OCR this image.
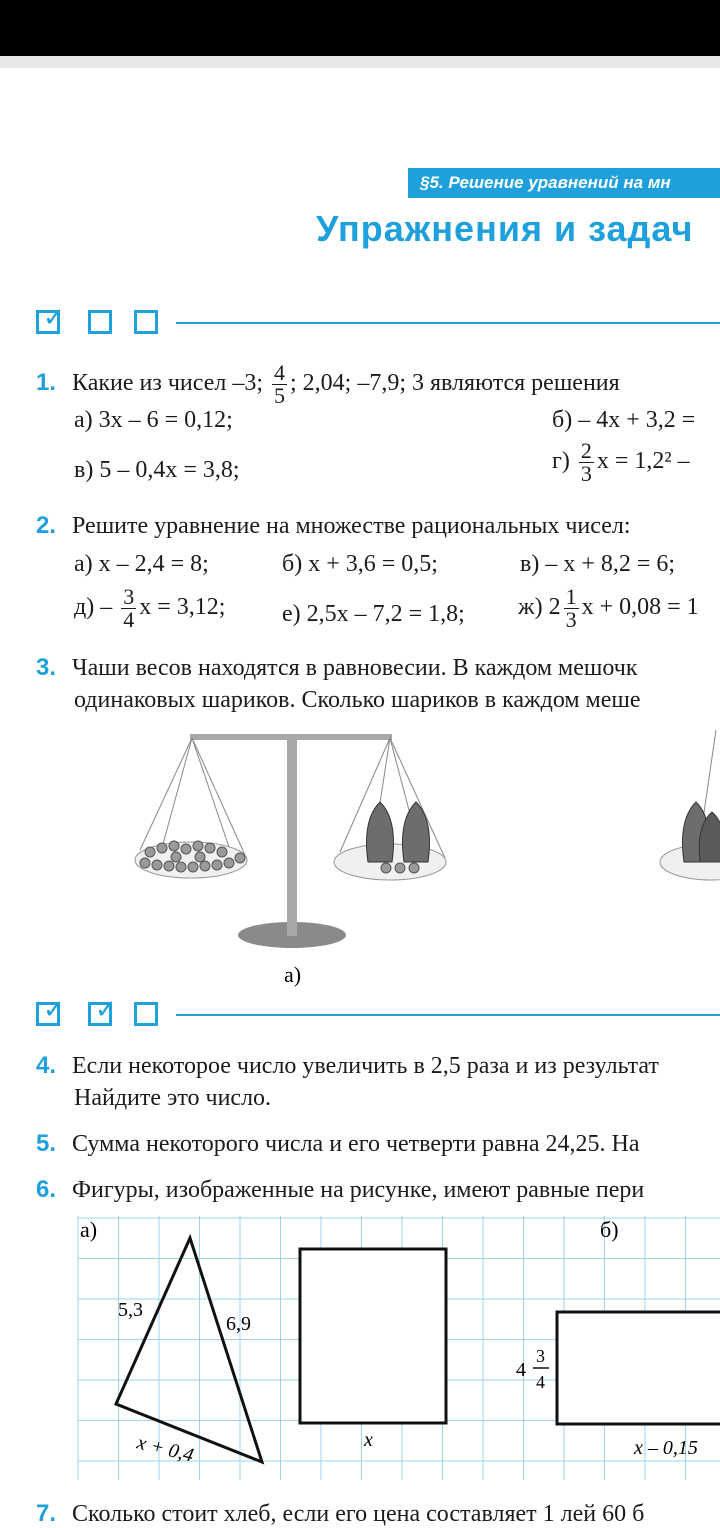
§5. Решение уравнений на мн
Упражнения и задач
✓
1. Какие из чисел –3; $\frac{4}{5}$ ; 2,04; –7,9; 3 являются решения
а) 3x – 6 = 0,12;	б) – 4x + 3,2 =
в) 5 – 0,4x = 3,8;	$г) \frac{2}{3}$ x = 1,2² –
2. Решите уравнение на множестве рациональных чисел:
а) x – 2,4 = 8;	б) x + 3,6 = 0,5;	в) – x + 8,2 = 6;
$д) - \frac{3}{4}$ x = 3,12; е) 2,5x – 7,2 = 1,8; ж) $2 \frac{1}{3}$ x + 0,08 = 1
3. Чаши весов находятся в равновесии. В каждом мешочк
одинаковых шариков. Сколько шариков в каждом меше
а)
✓ ✓
4. Если некоторое число увеличить в 2,5 раза и из результат
Найдите это число.
5. Сумма некоторого числа и его четверти равна 24,25. На
6. Фигуры, изображенные на рисунке, имеют равные пери
а)	б)
5,3
6,9
x + 0,4	x
4
3
4
x – 0,15
7. Сколько стоит хлеб, если его цена составляет 1 лей 60 б
